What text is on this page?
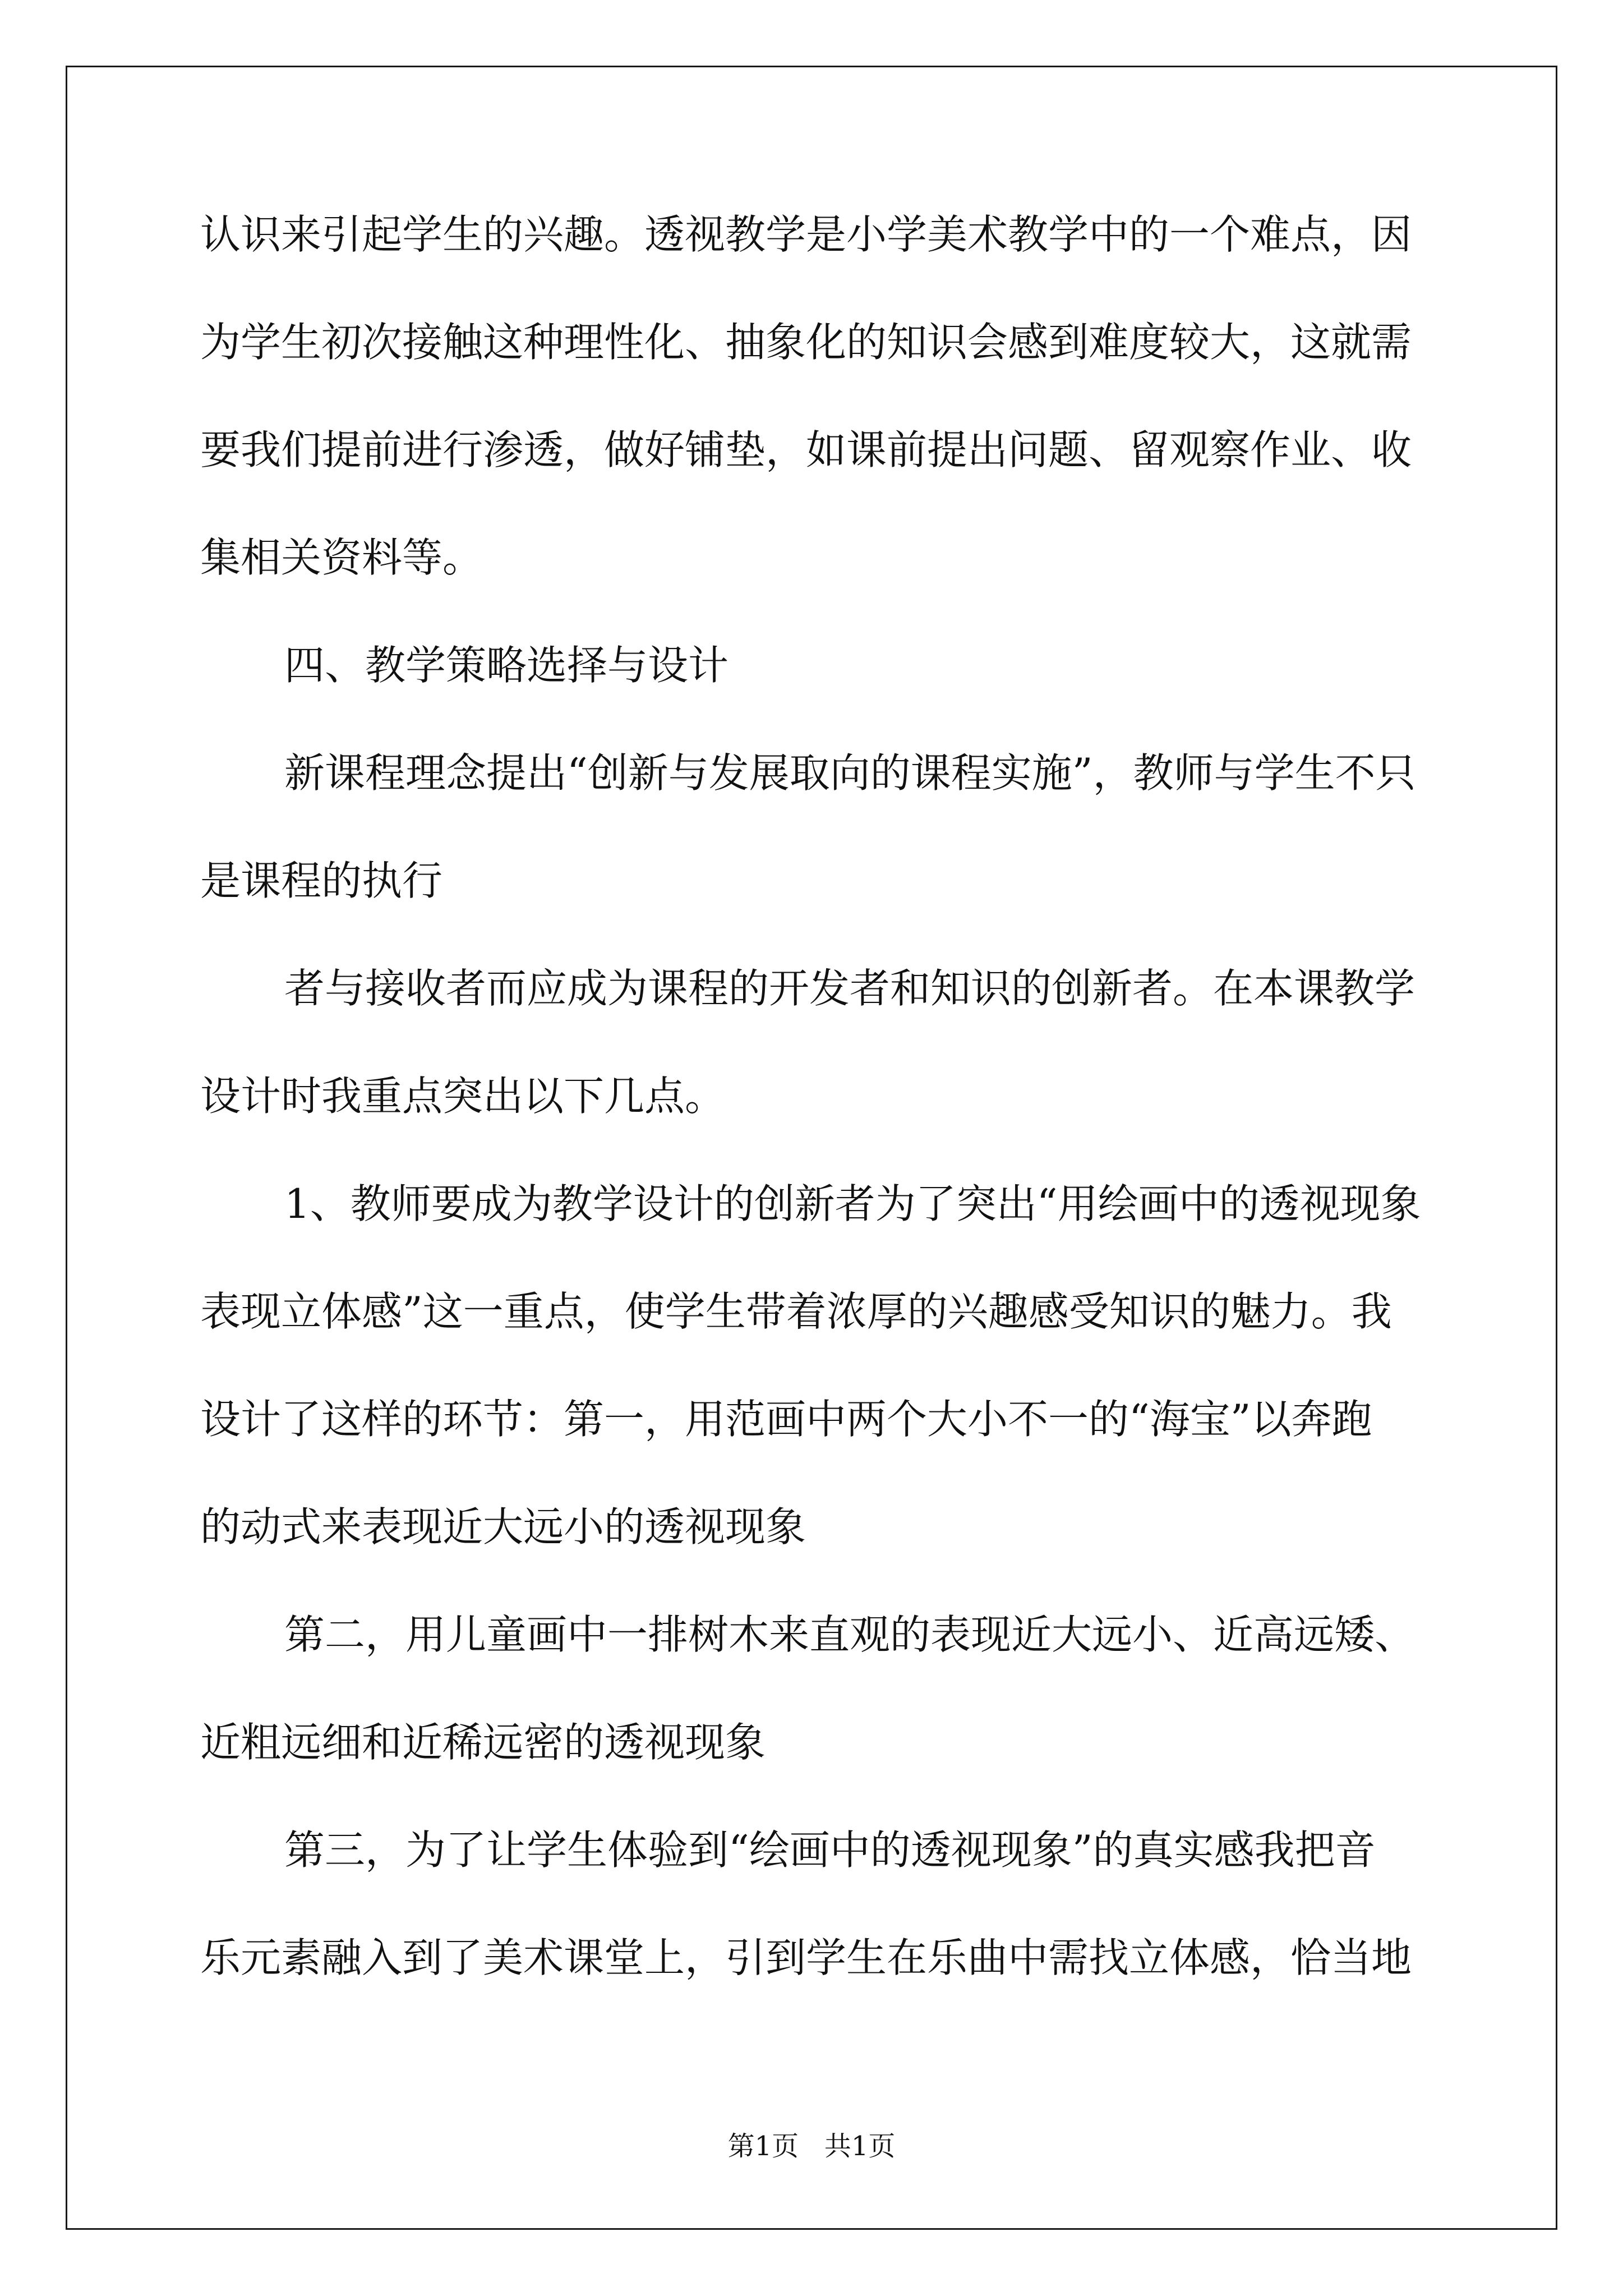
认识来引起学生的兴趣。透视教学是小学美术教学中的一个难点，因
为学生初次接触这种理性化、抽象化的知识会感到难度较大，这就需
要我们提前进行渗透，做好铺垫，如课前提出问题、留观察作业、收
集相关资料等。
四、教学策略选择与设计
新课程理念提出“创新与发展取向的课程实施”，教师与学生不只
是课程的执行
者与接收者而应成为课程的开发者和知识的创新者。在本课教学
设计时我重点突出以下几点。
1、教师要成为教学设计的创新者为了突出“用绘画中的透视现象
表现立体感”这一重点，使学生带着浓厚的兴趣感受知识的魅力。我
设计了这样的环节：第一，用范画中两个大小不一的“海宝”以奔跑
的动式来表现近大远小的透视现象
第二，用儿童画中一排树木来直观的表现近大远小、近高远矮、
近粗远细和近稀远密的透视现象
第三，为了让学生体验到“绘画中的透视现象”的真实感我把音
乐元素融入到了美术课堂上，引到学生在乐曲中需找立体感，恰当地
第1页   共1页
